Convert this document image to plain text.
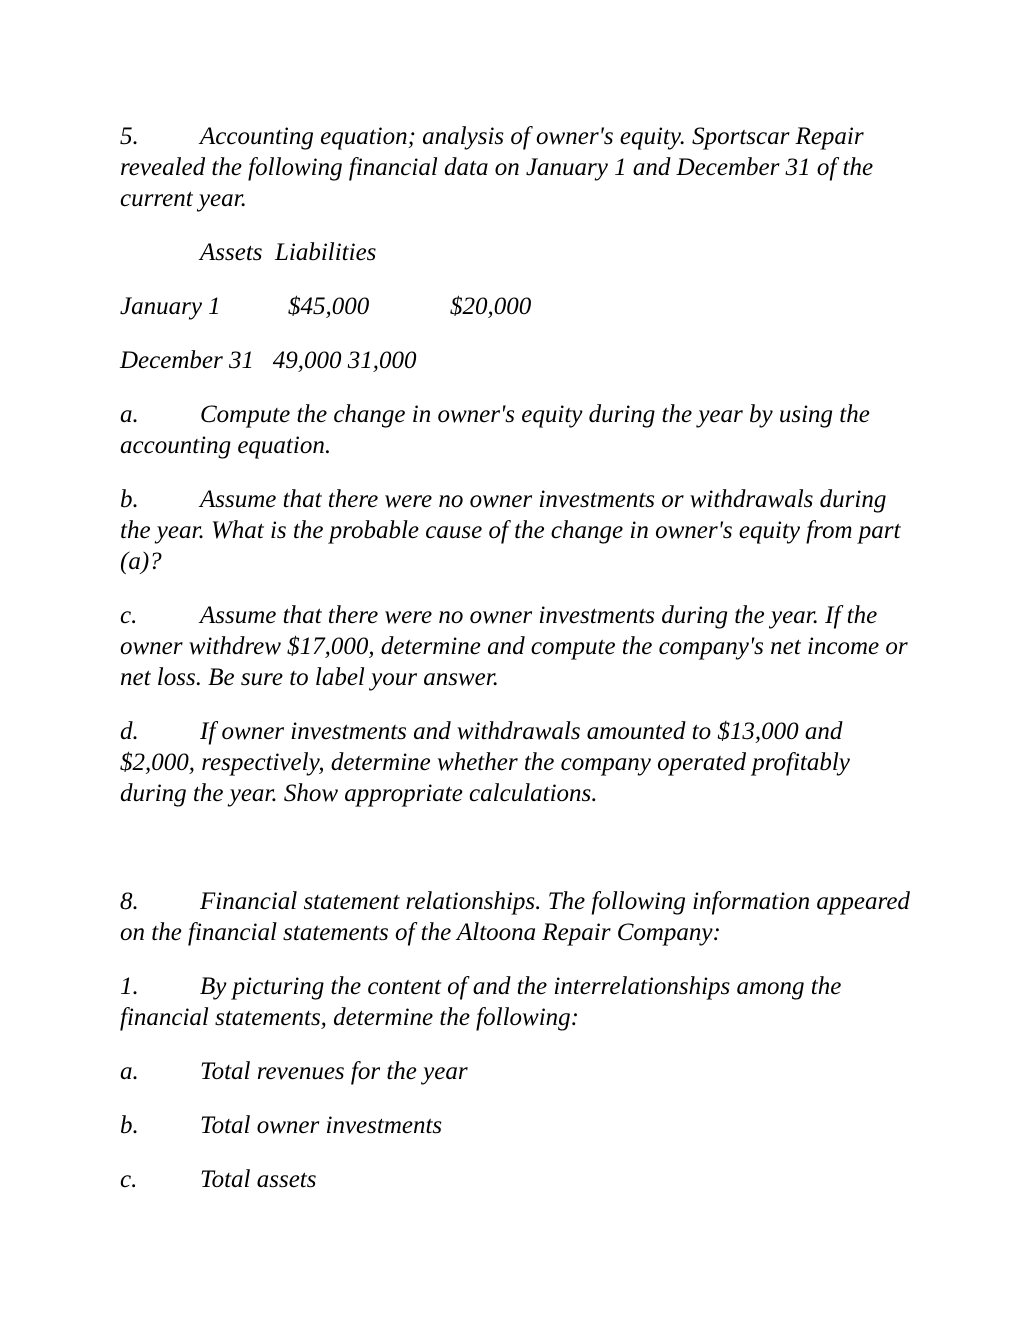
5. Accounting equation; analysis of owner's equity. Sportscar Repair revealed the following financial data on January 1 and December 31 of the current year.

Assets Liabilities
January 1	$45,000	$20,000
December 31 49,000 31,000

a. Compute the change in owner's equity during the year by using the accounting equation.

b. Assume that there were no owner investments or withdrawals during the year. What is the probable cause of the change in owner's equity from part (a)?

c.	Assume that there were no owner investments during the year. If the owner withdrew $17,000, determine and compute the company's net income or net loss. Be sure to label your answer.

d. If owner investments and withdrawals amounted to $13,000 and $2,000, respectively, determine whether the company operated profitably during the year. Show appropriate calculations.

8. Financial statement relationships. The following information appeared on the financial statements of the Altoona Repair Company:

1. By picturing the content of and the interrelationships among the financial statements, determine the following:

a. Total revenues for the year

b. Total owner investments

c.	Total assets
